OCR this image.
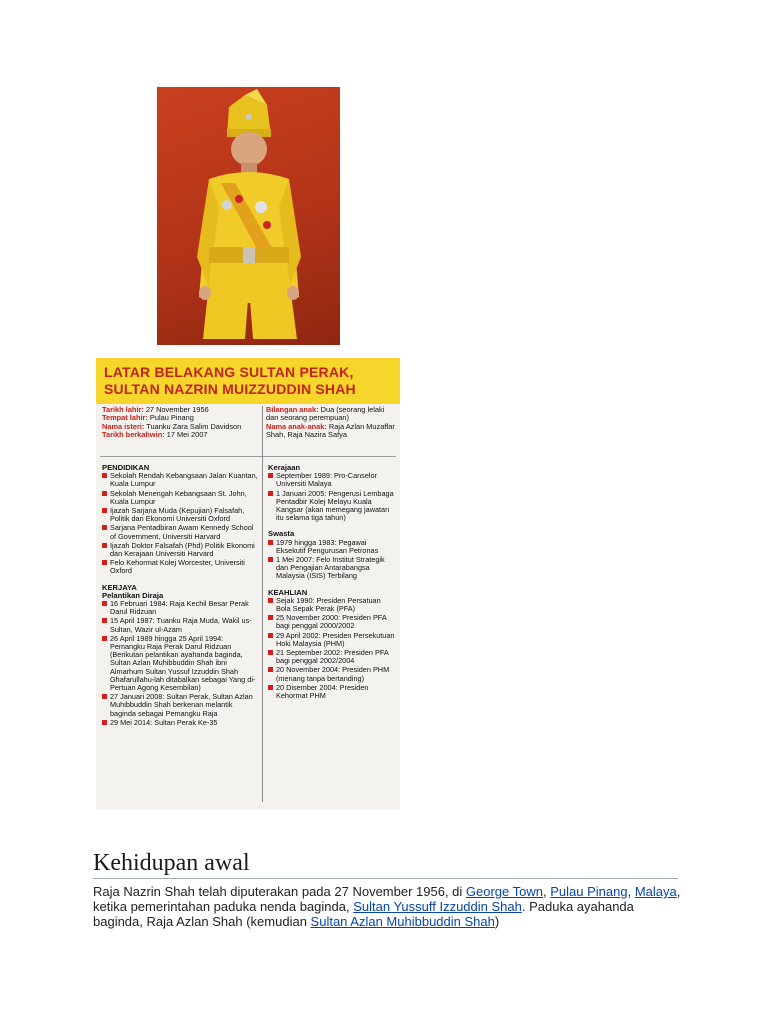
LATAR BELAKANG SULTAN PERAK,
SULTAN NAZRIN MUIZZUDDIN SHAH
Tarikh lahir: 27 November 1956
Tempat lahir: Pulau Pinang
Nama isteri: Tuanku Zara Salim Davidson
Tarikh berkahwin: 17 Mei 2007
Bilangan anak: Dua (seorang lelaki dan seorang perempuan)
Nama anak-anak: Raja Azlan Muzaffar Shah, Raja Nazira Safya
PENDIDIKAN
Sekolah Rendah Kebangsaan Jalan Kuantan, Kuala Lumpur
Sekolah Menengah Kebangsaan St. John, Kuala Lumpur
Ijazah Sarjana Muda (Kepujian) Falsafah, Politik dan Ekonomi Universiti Oxford
Sarjana Pentadbiran Awam Kennedy School of Government, Universiti Harvard
Ijazah Doktor Falsafah (Phd) Politik Ekonomi dan Kerajaan Universiti Harvard
Felo Kehormat Kolej Worcester, Universiti Oxford
KERJAYA
Pelantikan Diraja
16 Februari 1984: Raja Kechil Besar Perak Darul Ridzuan
15 April 1987: Tuanku Raja Muda, Wakil us-Sultan, Wazir ul-Azam
26 April 1989 hingga 25 April 1994: Pemangku Raja Perak Darul Ridzuan (Berikutan pelantikan ayahanda baginda, Sultan Azlan Muhibbuddin Shah ibni Almarhum Sultan Yussuf Izzuddin Shah Ghafarullahu-lah ditabalkan sebagai Yang di-Pertuan Agong Kesembilan)
27 Januari 2008: Sultan Perak, Sultan Azlan Muhibbuddin Shah berkenan melantik baginda sebagai Pemangku Raja
29 Mei 2014: Sultan Perak Ke-35
Kerajaan
September 1989: Pro-Canselor Universiti Malaya
1 Januari 2005: Pengerusi Lembaga Pentadbir Kolej Melayu Kuala Kangsar (akan memegang jawatan itu selama tiga tahun)
Swasta
1979 hingga 1983: Pegawai Eksekutif Pengurusan Petronas
1 Mei 2007: Felo Institut Strategik dan Pengajian Antarabangsa Malaysia (ISIS) Terbilang
KEAHLIAN
Sejak 1990: Presiden Persatuan Bola Sepak Perak (PFA)
25 November 2000: Presiden PFA bagi penggal 2000/2002
29 April 2002: Presiden Persekutuan Hoki Malaysia (PHM)
21 September 2002: Presiden PFA bagi penggal 2002/2004
20 November 2004: Presiden PHM (menang tanpa bertanding)
20 Disember 2004: Presiden Kehormat PHM
Kehidupan awal
Raja Nazrin Shah telah diputerakan pada 27 November 1956, di George Town, Pulau Pinang, Malaya, ketika pemerintahan paduka nenda baginda, Sultan Yussuff Izzuddin Shah. Paduka ayahanda baginda, Raja Azlan Shah (kemudian Sultan Azlan Muhibbuddin Shah)
